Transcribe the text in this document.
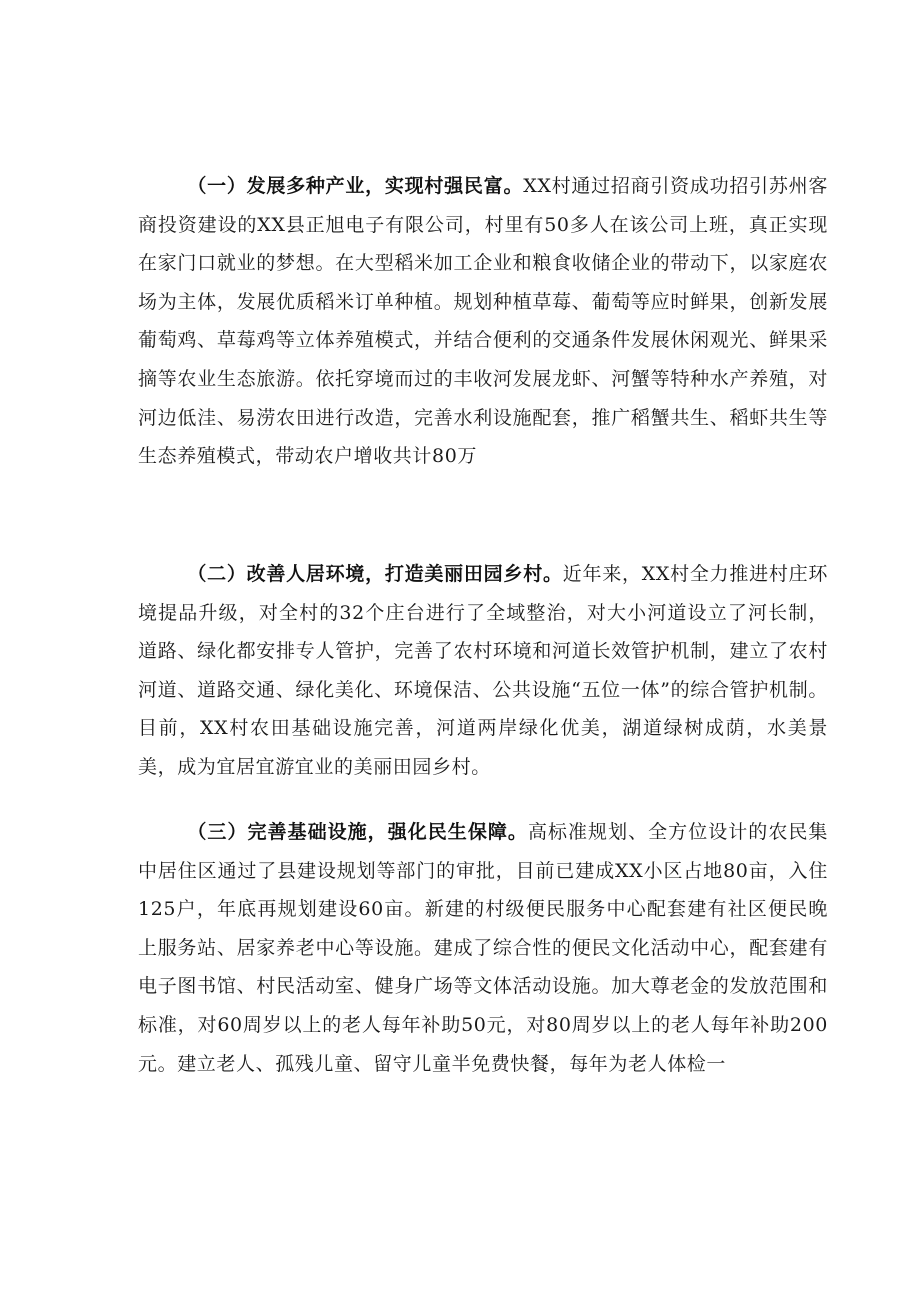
（一）发展多种产业，实现村强民富。XX村通过招商引资成功招引苏州客商投资建设的XX县正旭电子有限公司，村里有50多人在该公司上班，真正实现在家门口就业的梦想。在大型稻米加工企业和粮食收储企业的带动下，以家庭农场为主体，发展优质稻米订单种植。规划种植草莓、葡萄等应时鲜果，创新发展葡萄鸡、草莓鸡等立体养殖模式，并结合便利的交通条件发展休闲观光、鲜果采摘等农业生态旅游。依托穿境而过的丰收河发展龙虾、河蟹等特种水产养殖，对河边低洼、易涝农田进行改造，完善水利设施配套，推广稻蟹共生、稻虾共生等生态养殖模式，带动农户增收共计80万

（二）改善人居环境，打造美丽田园乡村。近年来，XX村全力推进村庄环境提品升级，对全村的32个庄台进行了全域整治，对大小河道设立了河长制，道路、绿化都安排专人管护，完善了农村环境和河道长效管护机制，建立了农村河道、道路交通、绿化美化、环境保洁、公共设施“五位一体”的综合管护机制。目前，XX村农田基础设施完善，河道两岸绿化优美，湖道绿树成荫，水美景美，成为宜居宜游宜业的美丽田园乡村。

（三）完善基础设施，强化民生保障。高标准规划、全方位设计的农民集中居住区通过了县建设规划等部门的审批，目前已建成XX小区占地80亩，入住125户，年底再规划建设60亩。新建的村级便民服务中心配套建有社区便民晚上服务站、居家养老中心等设施。建成了综合性的便民文化活动中心，配套建有电子图书馆、村民活动室、健身广场等文体活动设施。加大尊老金的发放范围和标准，对60周岁以上的老人每年补助50元，对80周岁以上的老人每年补助200元。建立老人、孤残儿童、留守儿童半免费快餐，每年为老人体检一
